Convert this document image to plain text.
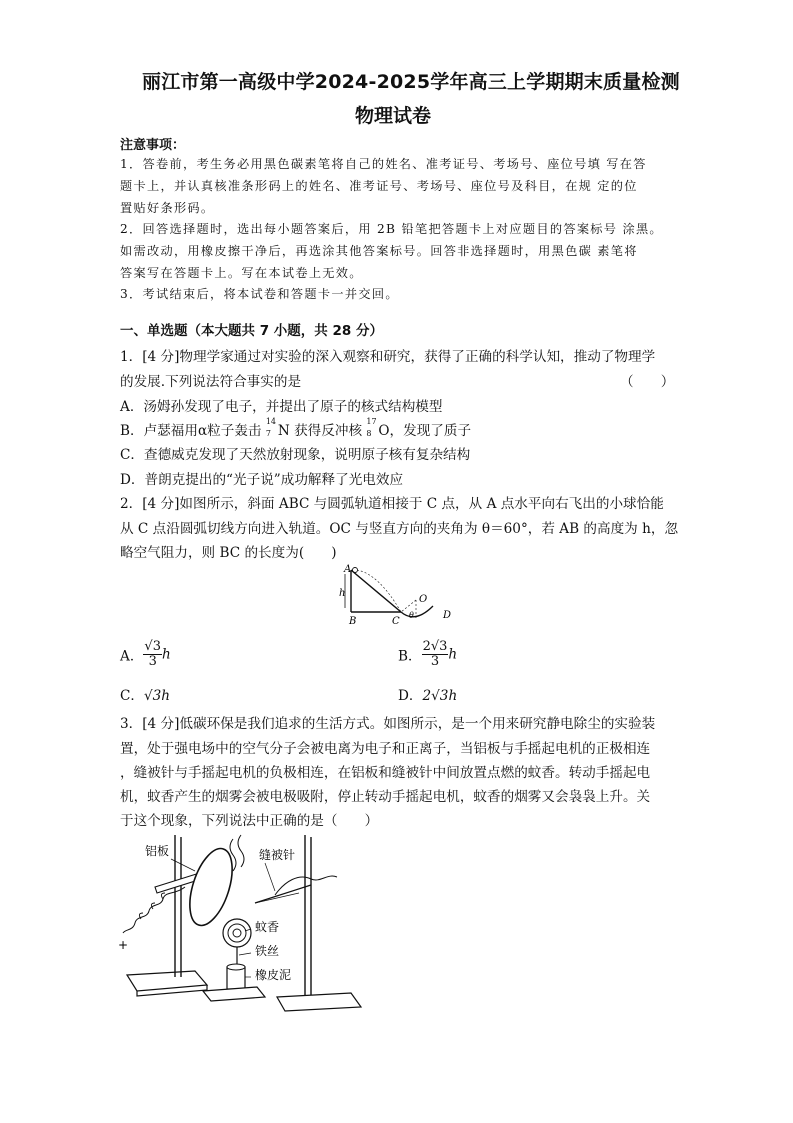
丽江市第一高级中学2024-2025学年高三上学期期末质量检测
物理试卷
注意事项：
1．答卷前，考生务必用黑色碳素笔将自己的姓名、准考证号、考场号、座位号填 写在答
题卡上，并认真核准条形码上的姓名、准考证号、考场号、座位号及科目，在规 定的位
置贴好条形码。
2．回答选择题时，选出每小题答案后，用 2B 铅笔把答题卡上对应题目的答案标号 涂黑。
如需改动，用橡皮擦干净后，再选涂其他答案标号。回答非选择题时，用黑色碳 素笔将
答案写在答题卡上。写在本试卷上无效。
3．考试结束后，将本试卷和答题卡一并交回。
一、单选题（本大题共 7 小题，共 28 分）
1．[4 分]物理学家通过对实验的深入观察和研究，获得了正确的科学认知，推动了物理学
的发展.下列说法符合事实的是	（　　）
A．汤姆孙发现了电子，并提出了原子的核式结构模型
B．卢瑟福用α粒子轰击
14
7 N 获得反冲核
17
8 O，发现了质子
C．查德威克发现了天然放射现象，说明原子核有复杂结构
D．普朗克提出的“光子说”成功解释了光电效应
2．[4 分]如图所示，斜面 ABC 与圆弧轨道相接于 C 点，从 A 点水平向右飞出的小球恰能
从 C 点沿圆弧切线方向进入轨道。OC 与竖直方向的夹角为 θ＝60°，若 AB 的高度为 h，忽
略空气阻力，则 BC 的长度为(　　)
A
h
B	C
O
θ	D
A． $\frac{√3}{3}$ h	B． $\frac{2√3}{3}$ h
C．√3h	D．2√3h
3．[4 分]低碳环保是我们追求的生活方式。如图所示，是一个用来研究静电除尘的实验装
置，处于强电场中的空气分子会被电离为电子和正离子，当铝板与手摇起电机的正极相连
，缝被针与手摇起电机的负极相连，在铝板和缝被针中间放置点燃的蚊香。转动手摇起电
机，蚊香产生的烟雾会被电极吸附，停止转动手摇起电机，蚊香的烟雾又会袅袅上升。关
于这个现象，下列说法中正确的是（　　）
+
铝板	缝被针
蚊香
铁丝
橡皮泥
